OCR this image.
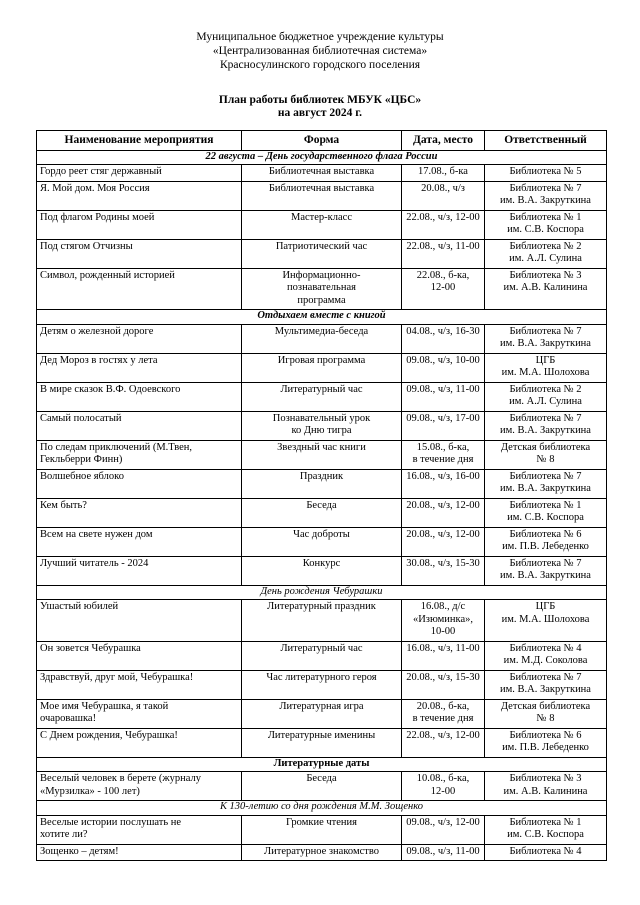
Муниципальное бюджетное учреждение культуры
«Централизованная библиотечная система»
Красносулинского городского поселения
План работы библиотек МБУК «ЦБС»
на август 2024 г.
Наименование мероприятия	Форма	Дата, место	Ответственный
22 августа – День государственного флага России			
Гордо реет стяг державный	Библиотечная выставка	17.08., б-ка	Библиотека № 5
Я. Мой дом. Моя Россия	Библиотечная выставка	20.08., ч/з	Библиотека № 7
им. В.А. Закруткина
Под флагом Родины моей	Мастер-класс	22.08., ч/з, 12-00	Библиотека № 1
им. С.В. Коспора
Под стягом Отчизны	Патриотический час	22.08., ч/з, 11-00	Библиотека № 2
им. А.Л. Сулина
Символ, рожденный историей	Информационно-
познавательная
программа	22.08., б-ка,
12-00	Библиотека № 3
им. А.В. Калинина
Отдыхаем вместе с книгой			
Детям о железной дороге	Мультимедиа-беседа	04.08., ч/з, 16-30	Библиотека № 7
им. В.А. Закруткина
Дед Мороз в гостях у лета	Игровая программа	09.08., ч/з, 10-00	ЦГБ
им. М.А. Шолохова
В мире сказок В.Ф. Одоевского	Литературный час	09.08., ч/з, 11-00	Библиотека № 2
им. А.Л. Сулина
Самый полосатый	Познавательный урок
ко Дню тигра	09.08., ч/з, 17-00	Библиотека № 7
им. В.А. Закруткина
По следам приключений (М.Твен,
Гекльберри Финн)	Звездный час книги	15.08., б-ка,
в течение дня	Детская библиотека
№ 8
Волшебное яблоко	Праздник	16.08., ч/з, 16-00	Библиотека № 7
им. В.А. Закруткина
Кем быть?	Беседа	20.08., ч/з, 12-00	Библиотека № 1
им. С.В. Коспора
Всем на свете нужен дом	Час доброты	20.08., ч/з, 12-00	Библиотека № 6
им. П.В. Лебеденко
Лучший читатель - 2024	Конкурс	30.08., ч/з, 15-30	Библиотека № 7
им. В.А. Закруткина
День рождения Чебурашки			
Ушастый юбилей	Литературный праздник	16.08., д/с
«Изюминка»,
10-00	ЦГБ
им. М.А. Шолохова
Он зовется Чебурашка	Литературный час	16.08., ч/з, 11-00	Библиотека № 4
им. М.Д. Соколова
Здравствуй, друг мой, Чебурашка!	Час литературного героя	20.08., ч/з, 15-30	Библиотека № 7
им. В.А. Закруткина
Мое имя Чебурашка, я такой
очаровашка!	Литературная игра	20.08., б-ка,
в течение дня	Детская библиотека
№ 8
С Днем рождения, Чебурашка!	Литературные именины	22.08., ч/з, 12-00	Библиотека № 6
им. П.В. Лебеденко
Литературные даты			
Веселый человек в берете (журналу
«Мурзилка» - 100 лет)	Беседа	10.08., б-ка,
12-00	Библиотека № 3
им. А.В. Калинина
К 130-летию со дня рождения М.М. Зощенко			
Веселые истории послушать не
хотите ли?	Громкие чтения	09.08., ч/з, 12-00	Библиотека № 1
им. С.В. Коспора
Зощенко – детям!	Литературное знакомство	09.08., ч/з, 11-00	Библиотека № 4
